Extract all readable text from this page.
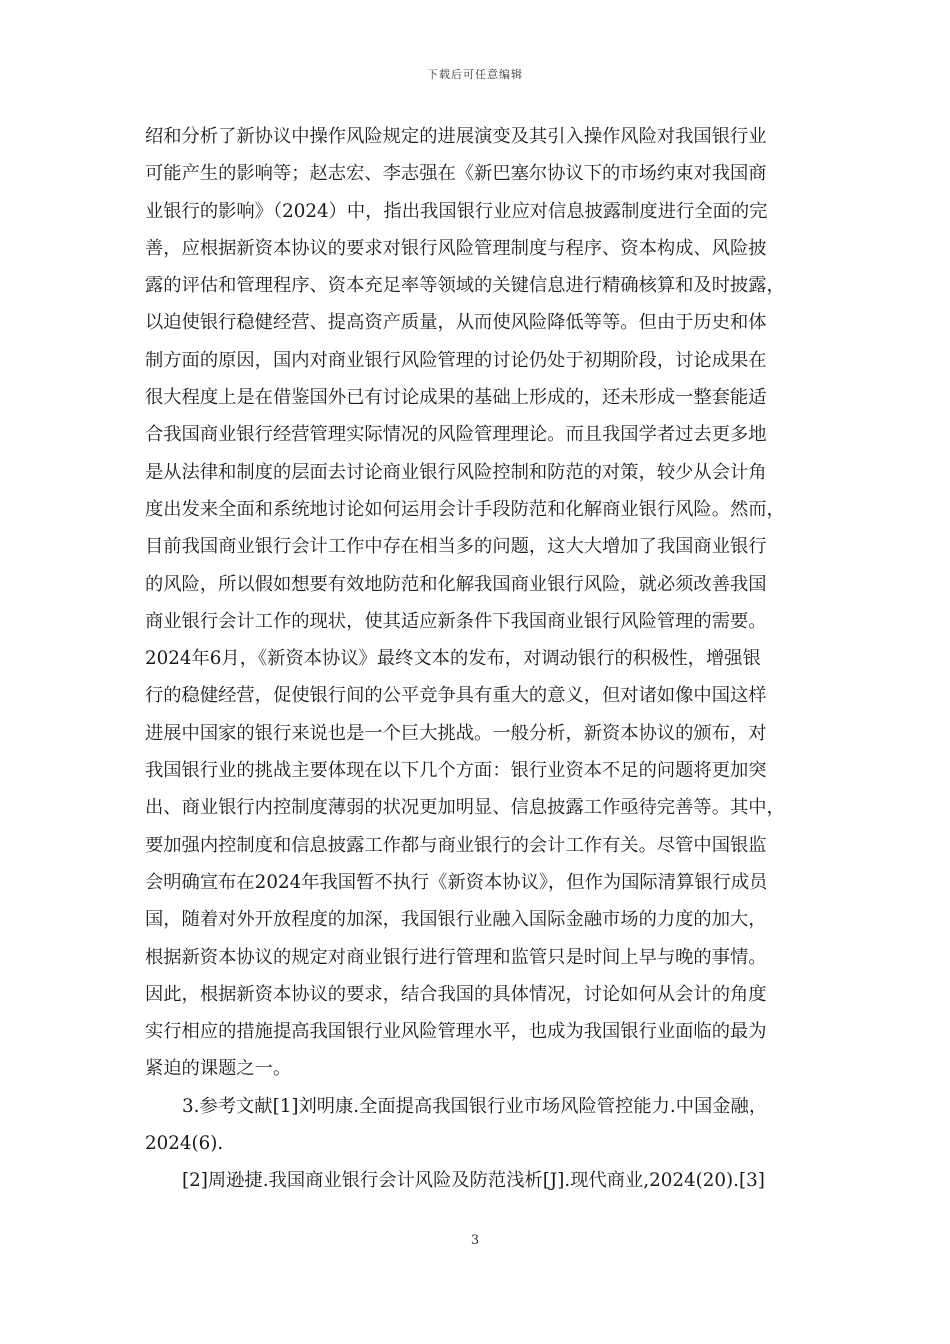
下载后可任意编辑
绍和分析了新协议中操作风险规定的进展演变及其引入操作风险对我国银行业
可能产生的影响等；赵志宏、李志强在《新巴塞尔协议下的市场约束对我国商
业银行的影响》（2024）中，指出我国银行业应对信息披露制度进行全面的完
善，应根据新资本协议的要求对银行风险管理制度与程序、资本构成、风险披
露的评估和管理程序、资本充足率等领域的关键信息进行精确核算和及时披露，
以迫使银行稳健经营、提高资产质量，从而使风险降低等等。但由于历史和体
制方面的原因，国内对商业银行风险管理的讨论仍处于初期阶段，讨论成果在
很大程度上是在借鉴国外已有讨论成果的基础上形成的，还未形成一整套能适
合我国商业银行经营管理实际情况的风险管理理论。而且我国学者过去更多地
是从法律和制度的层面去讨论商业银行风险控制和防范的对策，较少从会计角
度出发来全面和系统地讨论如何运用会计手段防范和化解商业银行风险。然而，
目前我国商业银行会计工作中存在相当多的问题，这大大增加了我国商业银行
的风险，所以假如想要有效地防范和化解我国商业银行风险，就必须改善我国
商业银行会计工作的现状，使其适应新条件下我国商业银行风险管理的需要。
2024年6月，《新资本协议》最终文本的发布，对调动银行的积极性，增强银
行的稳健经营，促使银行间的公平竞争具有重大的意义，但对诸如像中国这样
进展中国家的银行来说也是一个巨大挑战。一般分析，新资本协议的颁布，对
我国银行业的挑战主要体现在以下几个方面：银行业资本不足的问题将更加突
出、商业银行内控制度薄弱的状况更加明显、信息披露工作亟待完善等。其中，
要加强内控制度和信息披露工作都与商业银行的会计工作有关。尽管中国银监
会明确宣布在2024年我国暂不执行《新资本协议》，但作为国际清算银行成员
国，随着对外开放程度的加深，我国银行业融入国际金融市场的力度的加大，
根据新资本协议的规定对商业银行进行管理和监管只是时间上早与晚的事情。
因此，根据新资本协议的要求，结合我国的具体情况，讨论如何从会计的角度
实行相应的措施提高我国银行业风险管理水平，也成为我国银行业面临的最为
紧迫的课题之一。
3.参考文献[1]刘明康.全面提高我国银行业市场风险管控能力.中国金融，
2024(6).
[2]周逊捷.我国商业银行会计风险及防范浅析[J].现代商业,2024(20).[3]
3
